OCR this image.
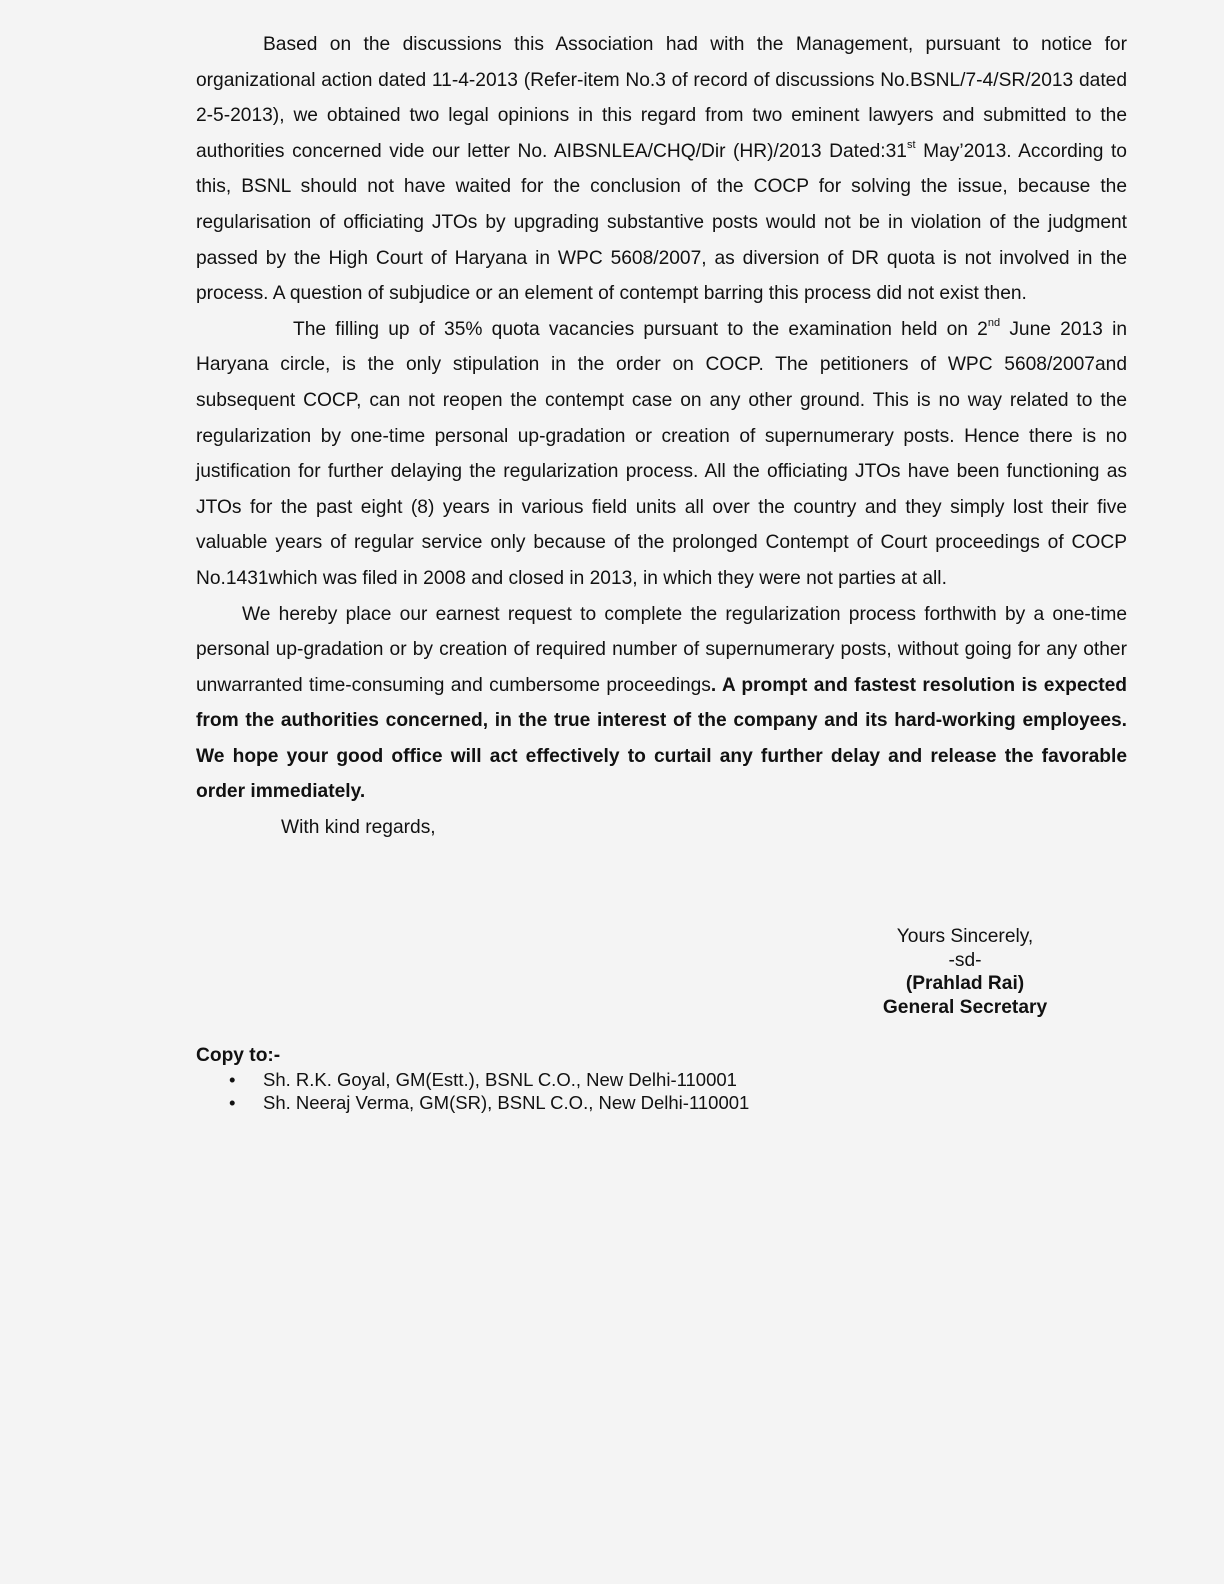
Based on the discussions this Association had with the Management, pursuant to notice for organizational action dated 11-4-2013 (Refer-item No.3 of record of discussions No.BSNL/7-4/SR/2013 dated 2-5-2013), we obtained two legal opinions in this regard from two eminent lawyers and submitted to the authorities concerned vide our letter No. AIBSNLEA/CHQ/Dir (HR)/2013 Dated:31st May’2013. According to this, BSNL should not have waited for the conclusion of the COCP for solving the issue, because the regularisation of officiating JTOs by upgrading substantive posts would not be in violation of the judgment passed by the High Court of Haryana in WPC 5608/2007, as diversion of DR quota is not involved in the process. A question of subjudice or an element of contempt barring this process did not exist then.

The filling up of 35% quota vacancies pursuant to the examination held on 2nd June 2013 in Haryana circle, is the only stipulation in the order on COCP. The petitioners of WPC 5608/2007and subsequent COCP, can not reopen the contempt case on any other ground. This is no way related to the regularization by one-time personal up-gradation or creation of supernumerary posts. Hence there is no justification for further delaying the regularization process. All the officiating JTOs have been functioning as JTOs for the past eight (8) years in various field units all over the country and they simply lost their five valuable years of regular service only because of the prolonged Contempt of Court proceedings of COCP No.1431which was filed in 2008 and closed in 2013, in which they were not parties at all.

We hereby place our earnest request to complete the regularization process forthwith by a one-time personal up-gradation or by creation of required number of supernumerary posts, without going for any other unwarranted time-consuming and cumbersome proceedings. A prompt and fastest resolution is expected from the authorities concerned, in the true interest of the company and its hard-working employees. We hope your good office will act effectively to curtail any further delay and release the favorable order immediately.

With kind regards,

Yours Sincerely,
-sd-
(Prahlad Rai)
General Secretary
Copy to:-
• Sh. R.K. Goyal, GM(Estt.), BSNL C.O., New Delhi-110001
• Sh. Neeraj Verma, GM(SR), BSNL C.O., New Delhi-110001
